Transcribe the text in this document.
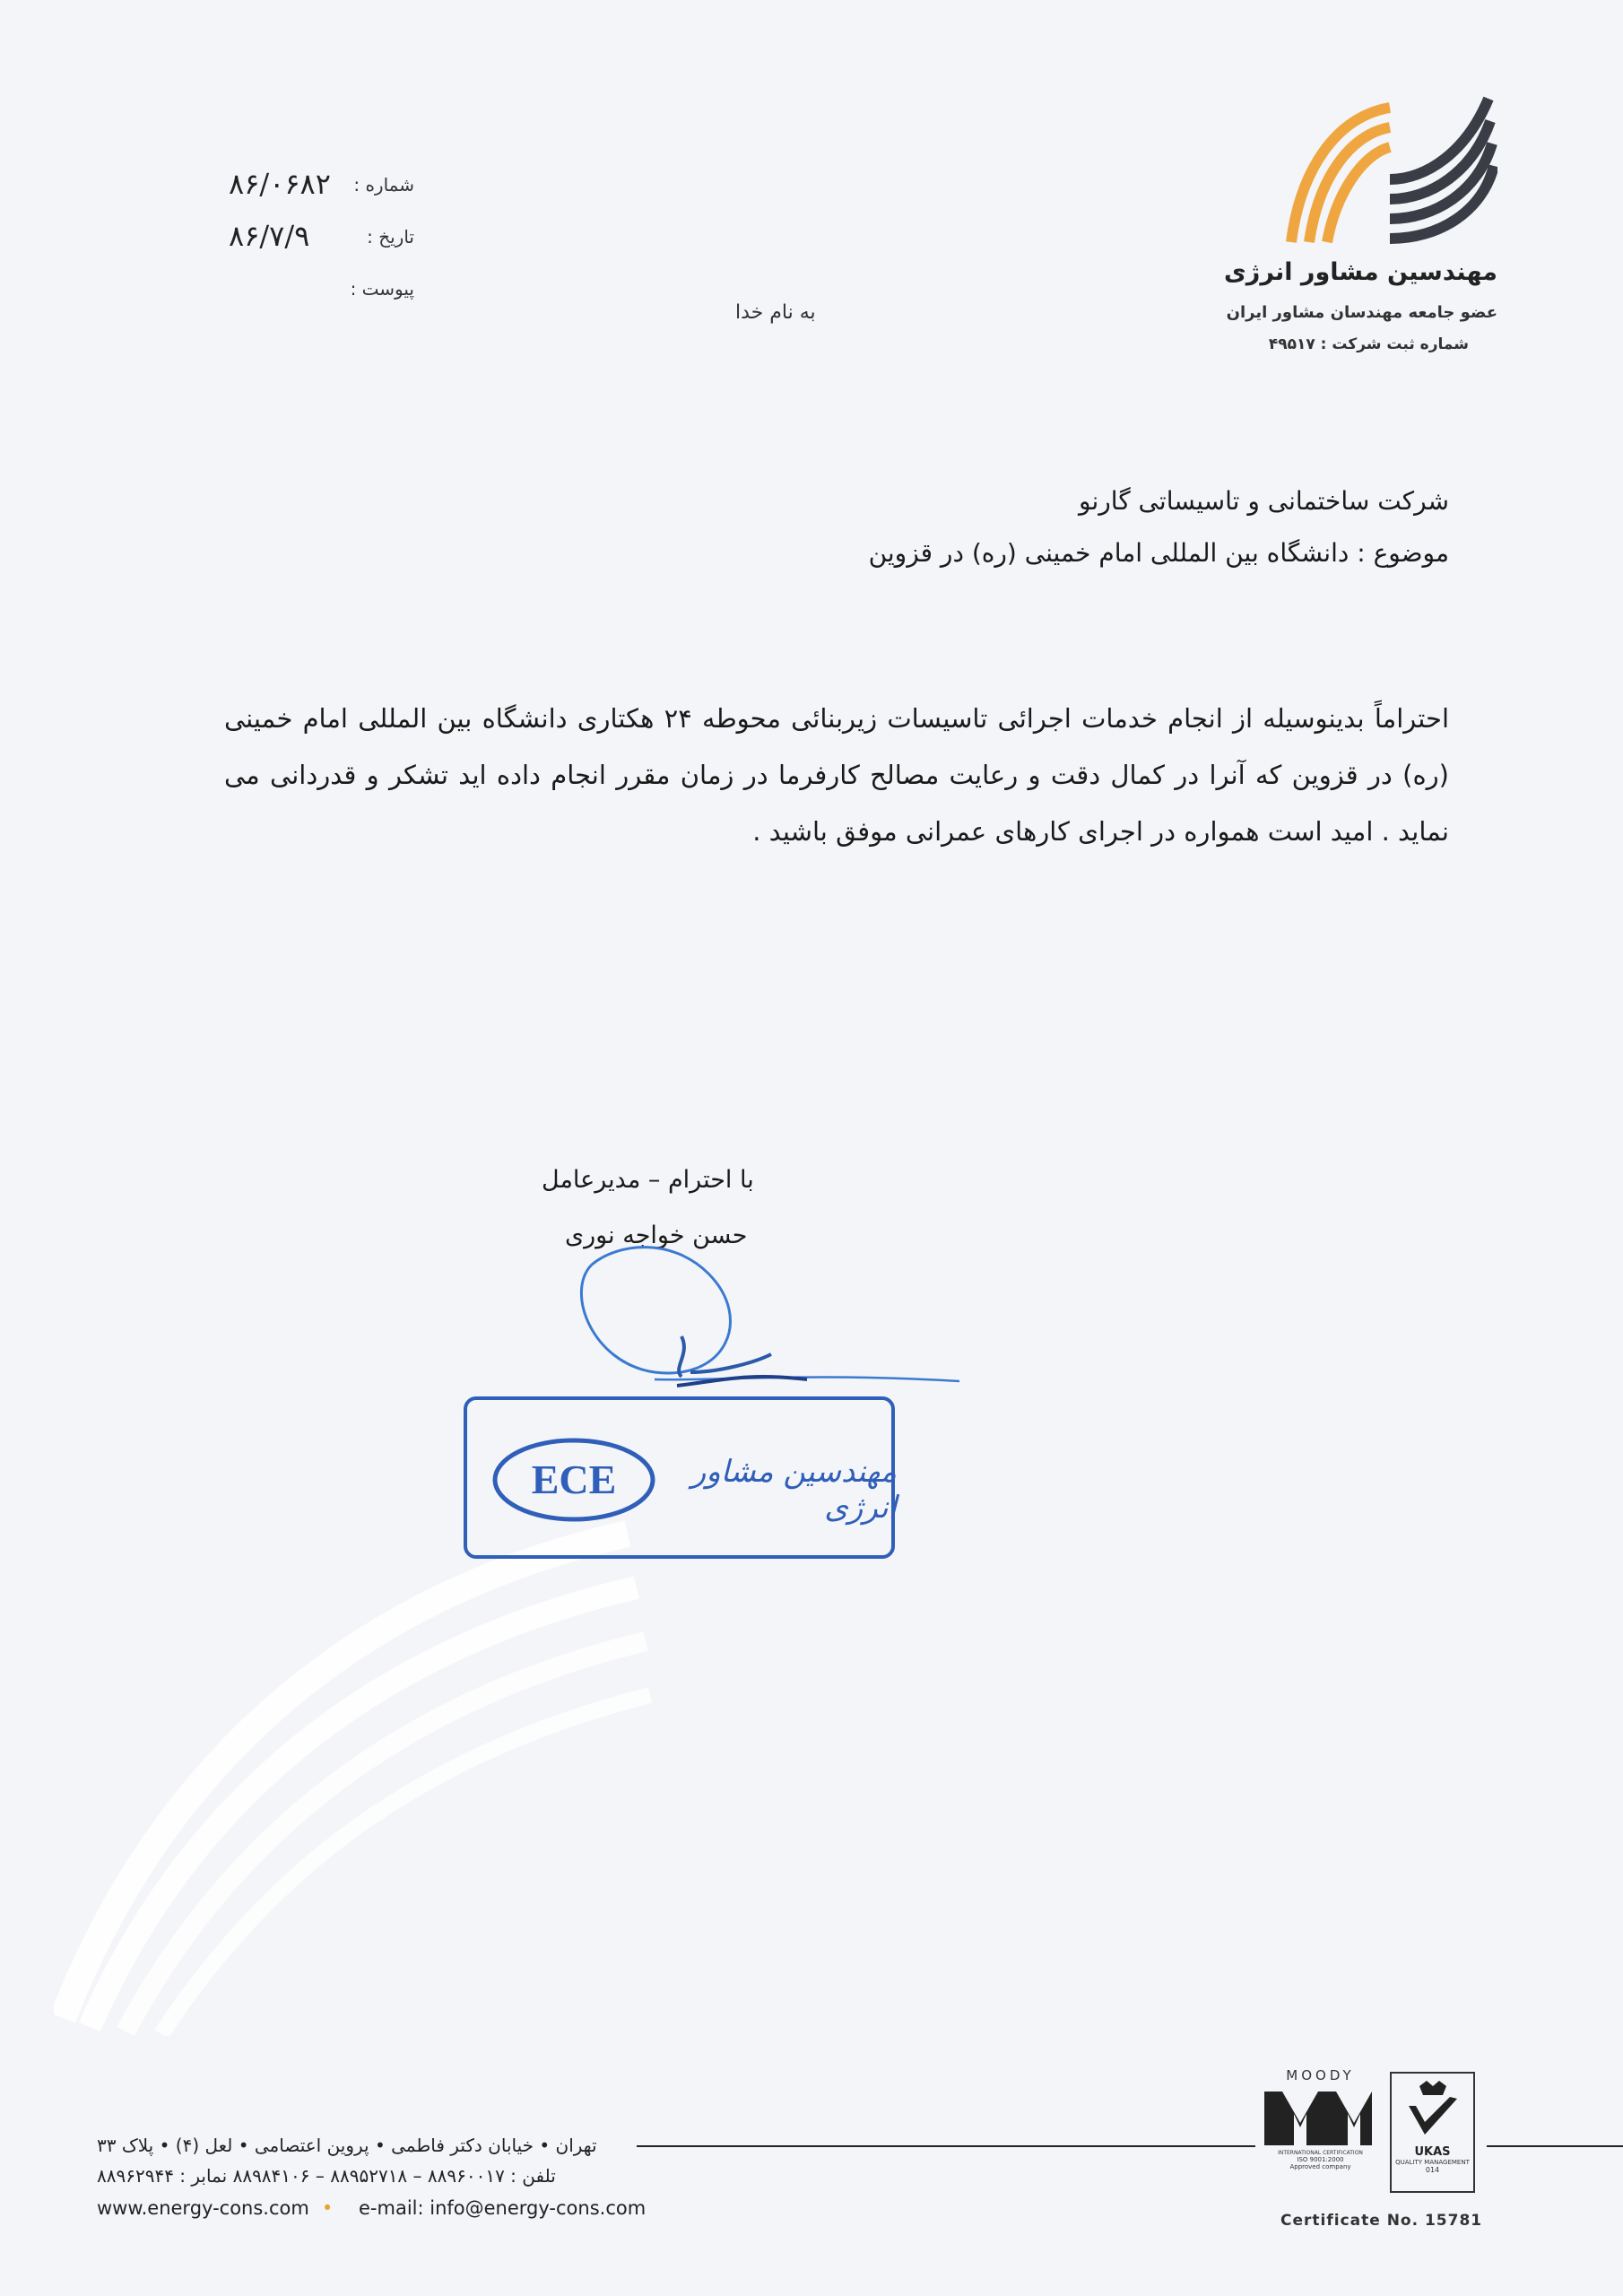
مهندسین مشاور انرژی
عضو جامعه مهندسان مشاور ایران
شماره ثبت شرکت : ۴۹۵۱۷
شماره :
۸۶/۰۶۸۲
تاریخ :
۸۶/۷/۹
پیوست :
به نام خدا
شرکت ساختمانی و تاسیساتی گارنو
موضوع : دانشگاه بین المللی امام خمینی (ره) در قزوین
احتراماً بدینوسیله از انجام خدمات اجرائی تاسیسات زیربنائی محوطه ۲۴ هکتاری دانشگاه بین المللی امام خمینی (ره) در قزوین که آنرا در کمال دقت و رعایت مصالح کارفرما در زمان مقرر انجام داده اید تشکر و قدردانی می نماید . امید است همواره در اجرای کارهای عمرانی موفق باشید .
با احترام – مدیرعامل
حسن خواجه نوری
ECE	مهندسین مشاور انرژی
تهران • خیابان دکتر فاطمی • پروین اعتصامی • لعل (۴) • پلاک ۳۳
تلفن : ۸۸۹۶۰۰۱۷ – ۸۸۹۵۲۷۱۸ – ۸۸۹۸۴۱۰۶ نمابر : ۸۸۹۶۲۹۴۴
www.energy-cons.com •	e-mail: info@energy-cons.com
MOODY
INTERNATIONAL CERTIFICATION
ISO 9001:2000
Approved company
UKAS
QUALITY MANAGEMENT
014
Certificate No. 15781
